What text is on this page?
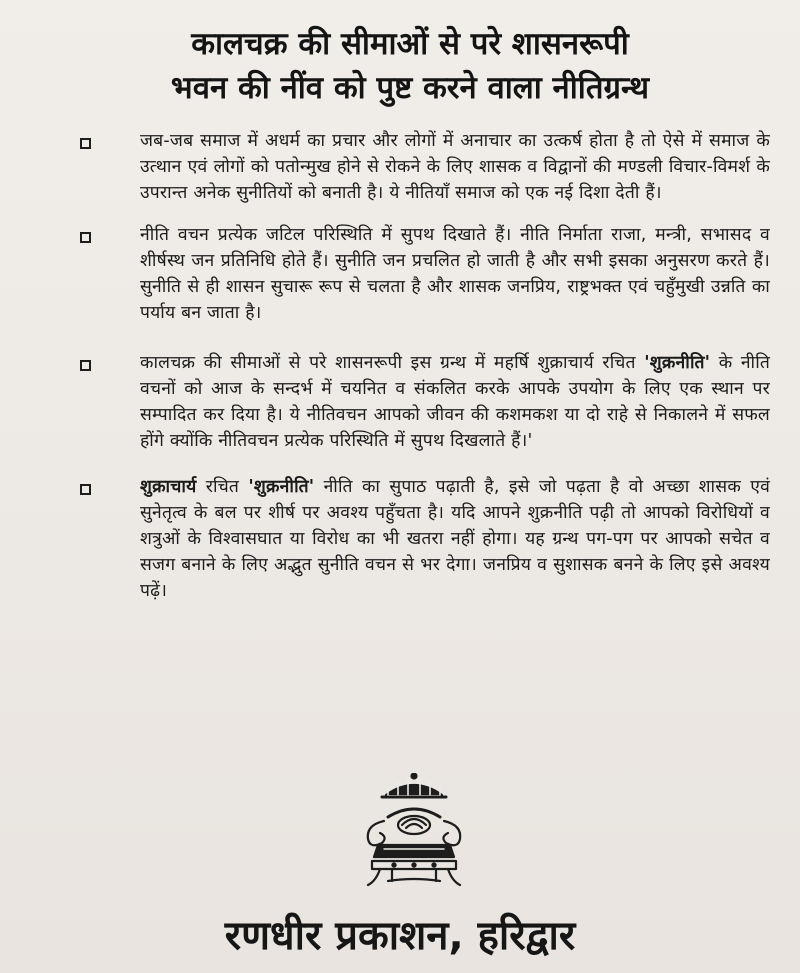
कालचक्र की सीमाओं से परे शासनरूपी
भवन की नींव को पुष्ट करने वाला नीतिग्रन्थ
जब-जब समाज में अधर्म का प्रचार और लोगों में अनाचार का उत्कर्ष होता है तो ऐसे में समाज के उत्थान एवं लोगों को पतोन्मुख होने से रोकने के लिए शासक व विद्वानों की मण्डली विचार-विमर्श के उपरान्त अनेक सुनीतियों को बनाती है। ये नीतियाँ समाज को एक नई दिशा देती हैं।
नीति वचन प्रत्येक जटिल परिस्थिति में सुपथ दिखाते हैं। नीति निर्माता राजा, मन्त्री, सभासद व शीर्षस्थ जन प्रतिनिधि होते हैं। सुनीति जन प्रचलित हो जाती है और सभी इसका अनुसरण करते हैं। सुनीति से ही शासन सुचारू रूप से चलता है और शासक जनप्रिय, राष्ट्रभक्त एवं चहुँमुखी उन्नति का पर्याय बन जाता है।
कालचक्र की सीमाओं से परे शासनरूपी इस ग्रन्थ में महर्षि शुक्राचार्य रचित 'शुक्रनीति' के नीति वचनों को आज के सन्दर्भ में चयनित व संकलित करके आपके उपयोग के लिए एक स्थान पर सम्पादित कर दिया है। ये नीतिवचन आपको जीवन की कशमकश या दो राहे से निकालने में सफल होंगे क्योंकि नीतिवचन प्रत्येक परिस्थिति में सुपथ दिखलाते हैं।'
शुक्राचार्य रचित 'शुक्रनीति' नीति का सुपाठ पढ़ाती है, इसे जो पढ़ता है वो अच्छा शासक एवं सुनेतृत्व के बल पर शीर्ष पर अवश्य पहुँचता है। यदि आपने शुक्रनीति पढ़ी तो आपको विरोधियों व शत्रुओं के विश्वासघात या विरोध का भी खतरा नहीं होगा। यह ग्रन्थ पग-पग पर आपको सचेत व सजग बनाने के लिए अद्भुत सुनीति वचन से भर देगा। जनप्रिय व सुशासक बनने के लिए इसे अवश्य पढ़ें।
रणधीर प्रकाशन, हरिद्वार
